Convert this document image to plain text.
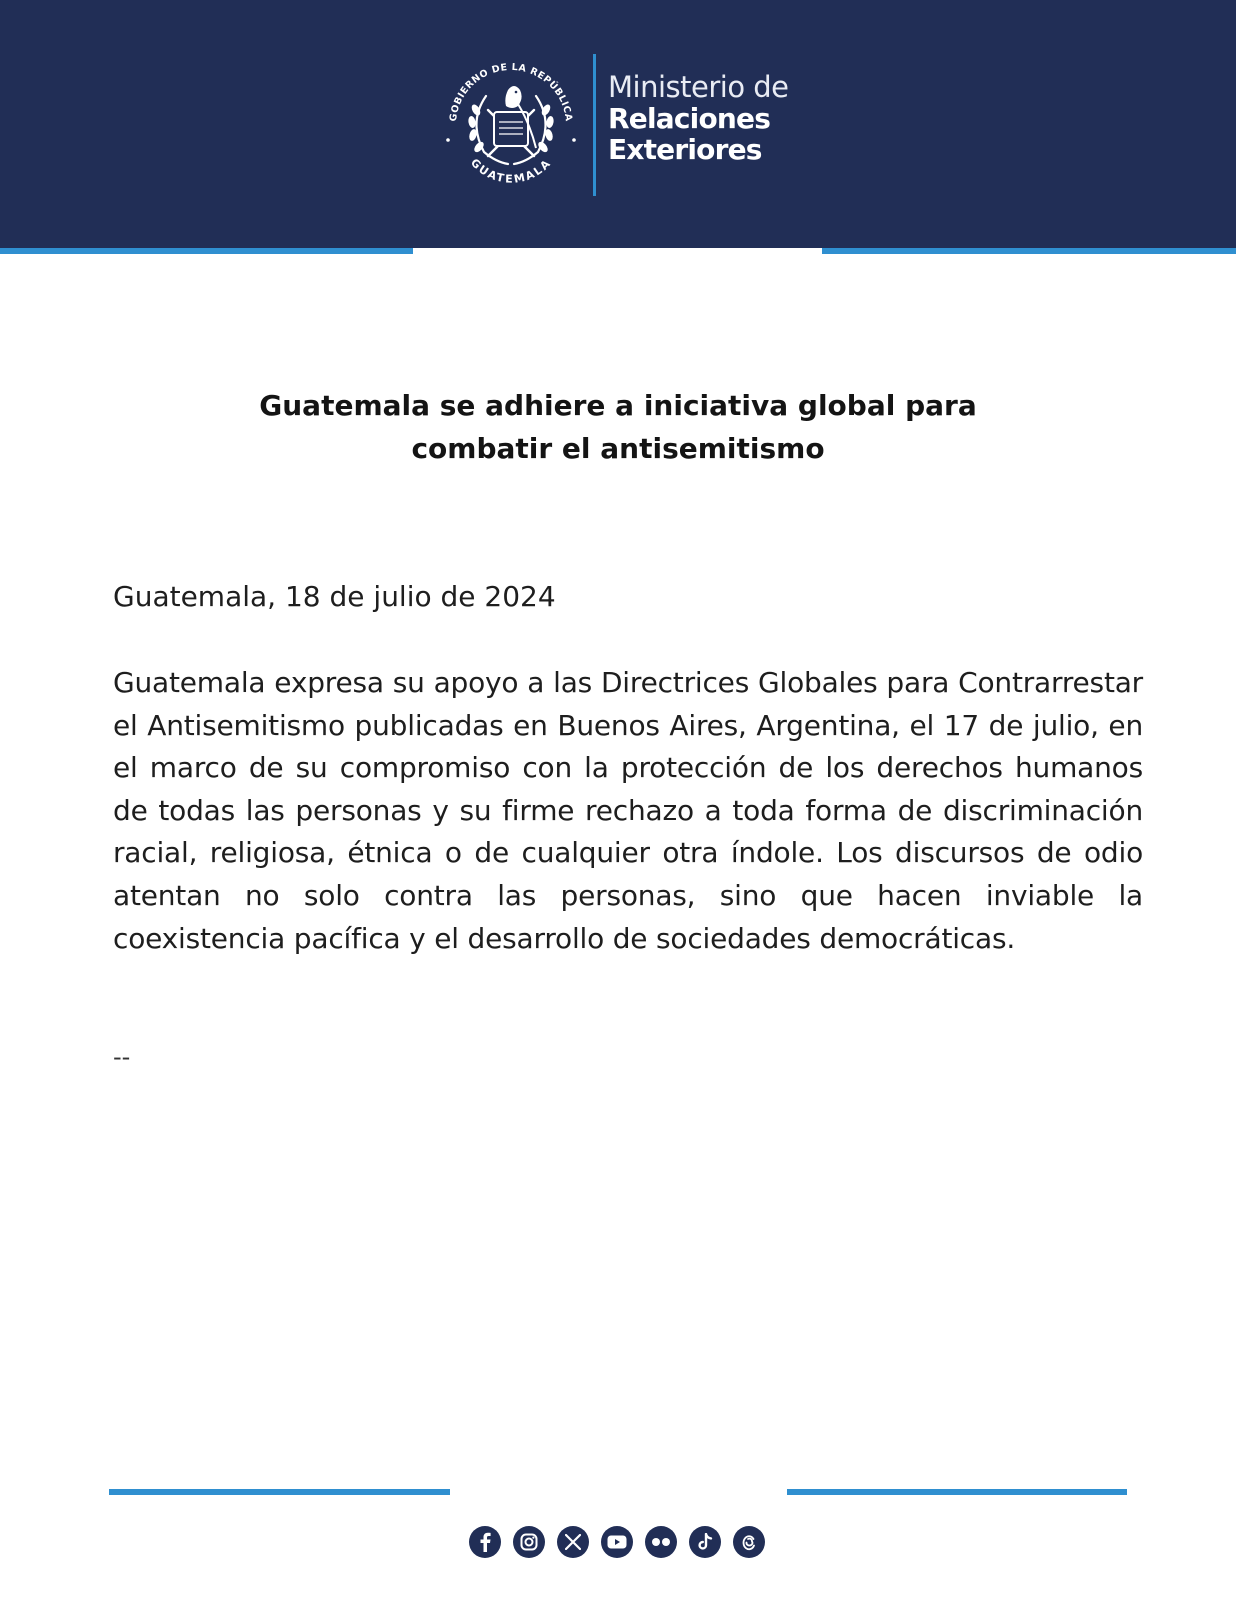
GOBIERNO DE LA REPÚBLICA
GUATEMALA
Ministerio de
Relaciones
Exteriores
Guatemala se adhiere a iniciativa global para
combatir el antisemitismo

Guatemala, 18 de julio de 2024

Guatemala expresa su apoyo a las Directrices Globales para Contrarrestar el Antisemitismo publicadas en Buenos Aires, Argentina, el 17 de julio, en el marco de su compromiso con la protección de los derechos humanos de todas las personas y su firme rechazo a toda forma de discriminación racial, religiosa, étnica o de cualquier otra índole. Los discursos de odio atentan no solo contra las personas, sino que hacen inviable la coexistencia pacífica y el desarrollo de sociedades democráticas.

--
